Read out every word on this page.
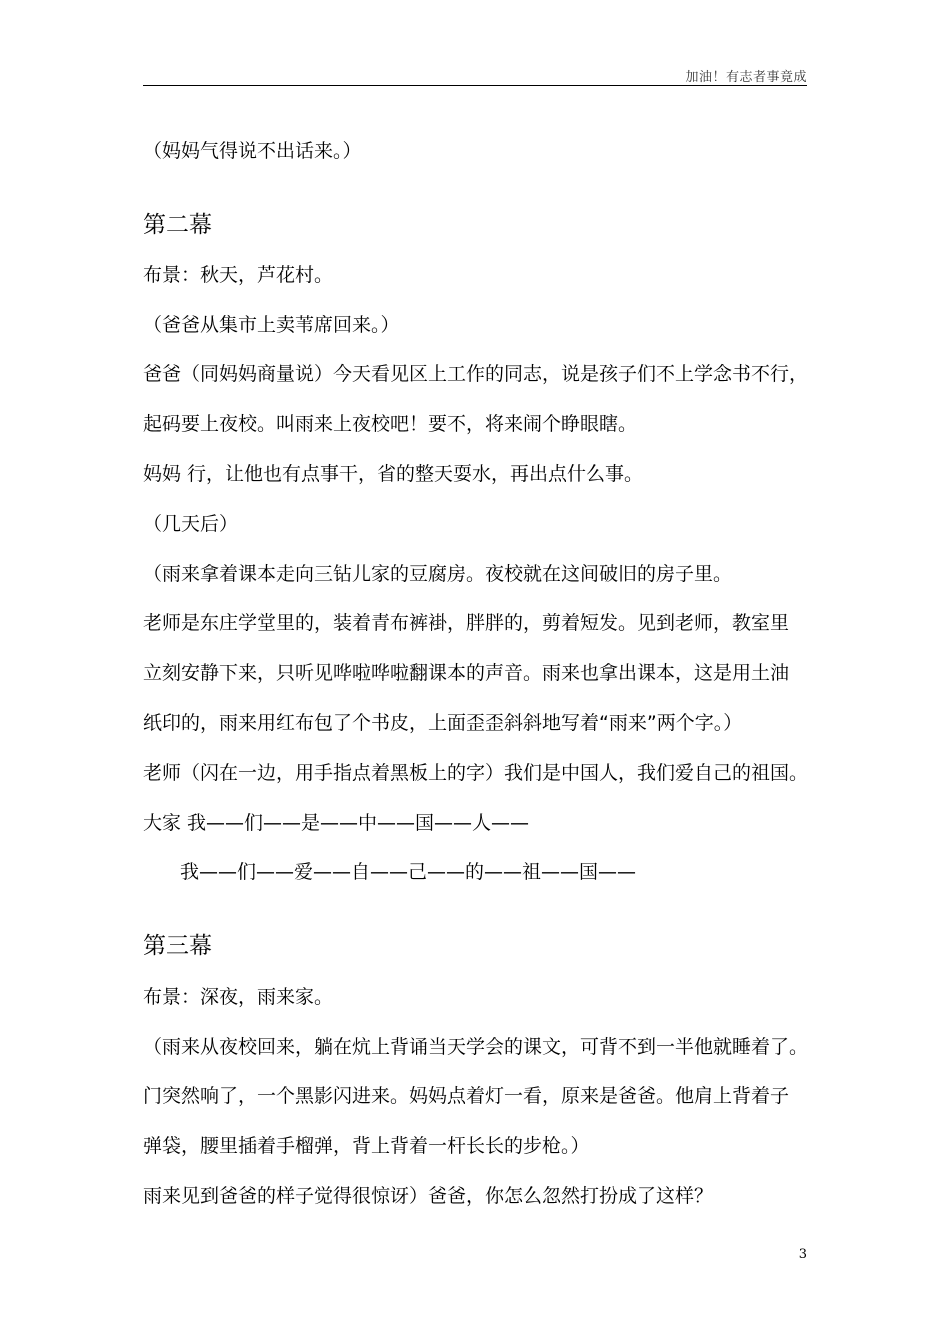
加油！有志者事竟成
（妈妈气得说不出话来。）
第二幕
布景：秋天，芦花村。
（爸爸从集市上卖苇席回来。）
爸爸（同妈妈商量说）今天看见区上工作的同志，说是孩子们不上学念书不行，
起码要上夜校。叫雨来上夜校吧！要不，将来闹个睁眼瞎。
妈妈 行，让他也有点事干，省的整天耍水，再出点什么事。
（几天后）
（雨来拿着课本走向三钻儿家的豆腐房。夜校就在这间破旧的房子里。
老师是东庄学堂里的，装着青布裤褂，胖胖的，剪着短发。见到老师，教室里
立刻安静下来，只听见哗啦哗啦翻课本的声音。雨来也拿出课本，这是用土油
纸印的，雨来用红布包了个书皮，上面歪歪斜斜地写着“雨来”两个字。）
老师（闪在一边，用手指点着黑板上的字）我们是中国人，我们爱自己的祖国。
大家 我——们——是——中——国——人——
我——们——爱——自——己——的——祖——国——
第三幕
布景：深夜，雨来家。
（雨来从夜校回来，躺在炕上背诵当天学会的课文，可背不到一半他就睡着了。
门突然响了，一个黑影闪进来。妈妈点着灯一看，原来是爸爸。他肩上背着子
弹袋，腰里插着手榴弹，背上背着一杆长长的步枪。）
雨来见到爸爸的样子觉得很惊讶）爸爸，你怎么忽然打扮成了这样？
3
